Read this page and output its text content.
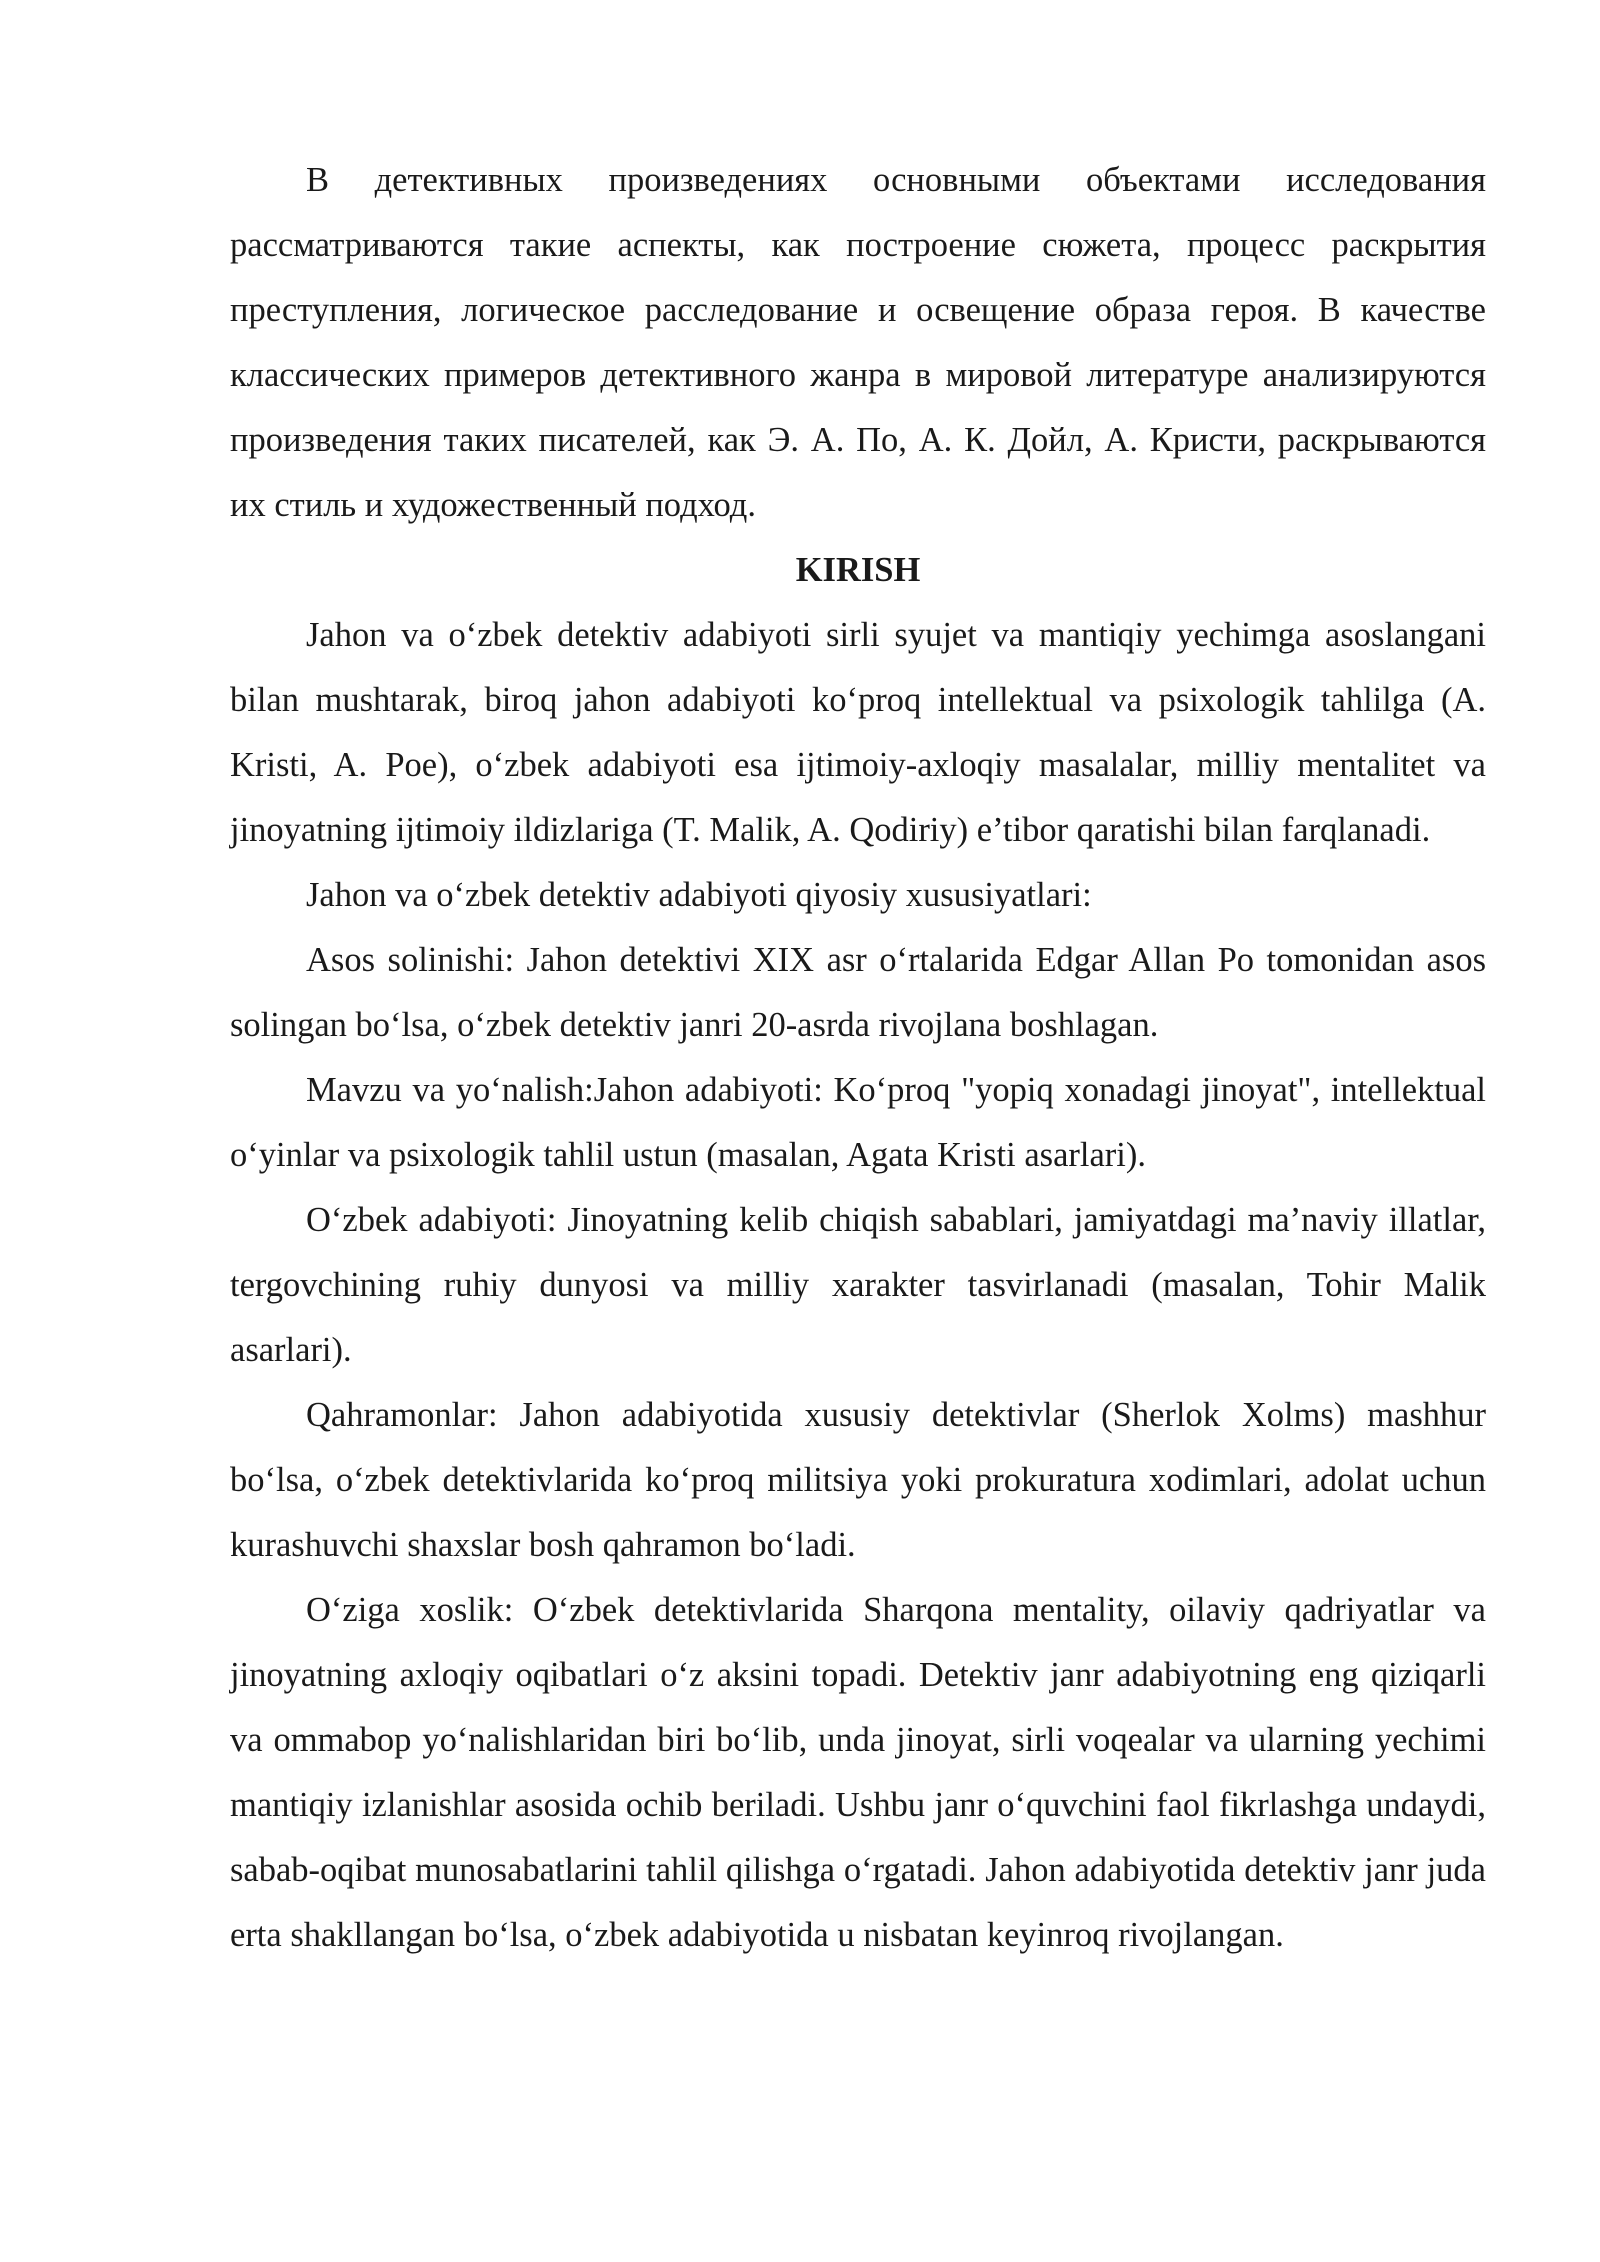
В детективных произведениях основными объектами исследования рассматриваются такие аспекты, как построение сюжета, процесс раскрытия преступления, логическое расследование и освещение образа героя. В качестве классических примеров детективного жанра в мировой литературе анализируются произведения таких писателей, как Э. А. По, А. К. Дойл, А. Кристи, раскрываются их стиль и художественный подход.

KIRISH

Jahon va o‘zbek detektiv adabiyoti sirli syujet va mantiqiy yechimga asoslangani bilan mushtarak, biroq jahon adabiyoti ko‘proq intellektual va psixologik tahlilga (A. Kristi, A. Poe), o‘zbek adabiyoti esa ijtimoiy-axloqiy masalalar, milliy mentalitet va jinoyatning ijtimoiy ildizlariga (T. Malik, A. Qodiriy) e’tibor qaratishi bilan farqlanadi.

Jahon va o‘zbek detektiv adabiyoti qiyosiy xususiyatlari:

Asos solinishi: Jahon detektivi XIX asr o‘rtalarida Edgar Allan Po tomonidan asos solingan bo‘lsa, o‘zbek detektiv janri 20-asrda rivojlana boshlagan.

Mavzu va yo‘nalish:Jahon adabiyoti: Ko‘proq "yopiq xonadagi jinoyat", intellektual o‘yinlar va psixologik tahlil ustun (masalan, Agata Kristi asarlari).

O‘zbek adabiyoti: Jinoyatning kelib chiqish sabablari, jamiyatdagi ma’naviy illatlar, tergovchining ruhiy dunyosi va milliy xarakter tasvirlanadi (masalan, Tohir Malik asarlari).

Qahramonlar: Jahon adabiyotida xususiy detektivlar (Sherlok Xolms) mashhur bo‘lsa, o‘zbek detektivlarida ko‘proq militsiya yoki prokuratura xodimlari, adolat uchun kurashuvchi shaxslar bosh qahramon bo‘ladi.

O‘ziga xoslik: O‘zbek detektivlarida Sharqona mentality, oilaviy qadriyatlar va jinoyatning axloqiy oqibatlari o‘z aksini topadi. Detektiv janr adabiyotning eng qiziqarli va ommabop yo‘nalishlaridan biri bo‘lib, unda jinoyat, sirli voqealar va ularning yechimi mantiqiy izlanishlar asosida ochib beriladi. Ushbu janr o‘quvchini faol fikrlashga undaydi, sabab-oqibat munosabatlarini tahlil qilishga o‘rgatadi. Jahon adabiyotida detektiv janr juda erta shakllangan bo‘lsa, o‘zbek adabiyotida u nisbatan keyinroq rivojlangan.
